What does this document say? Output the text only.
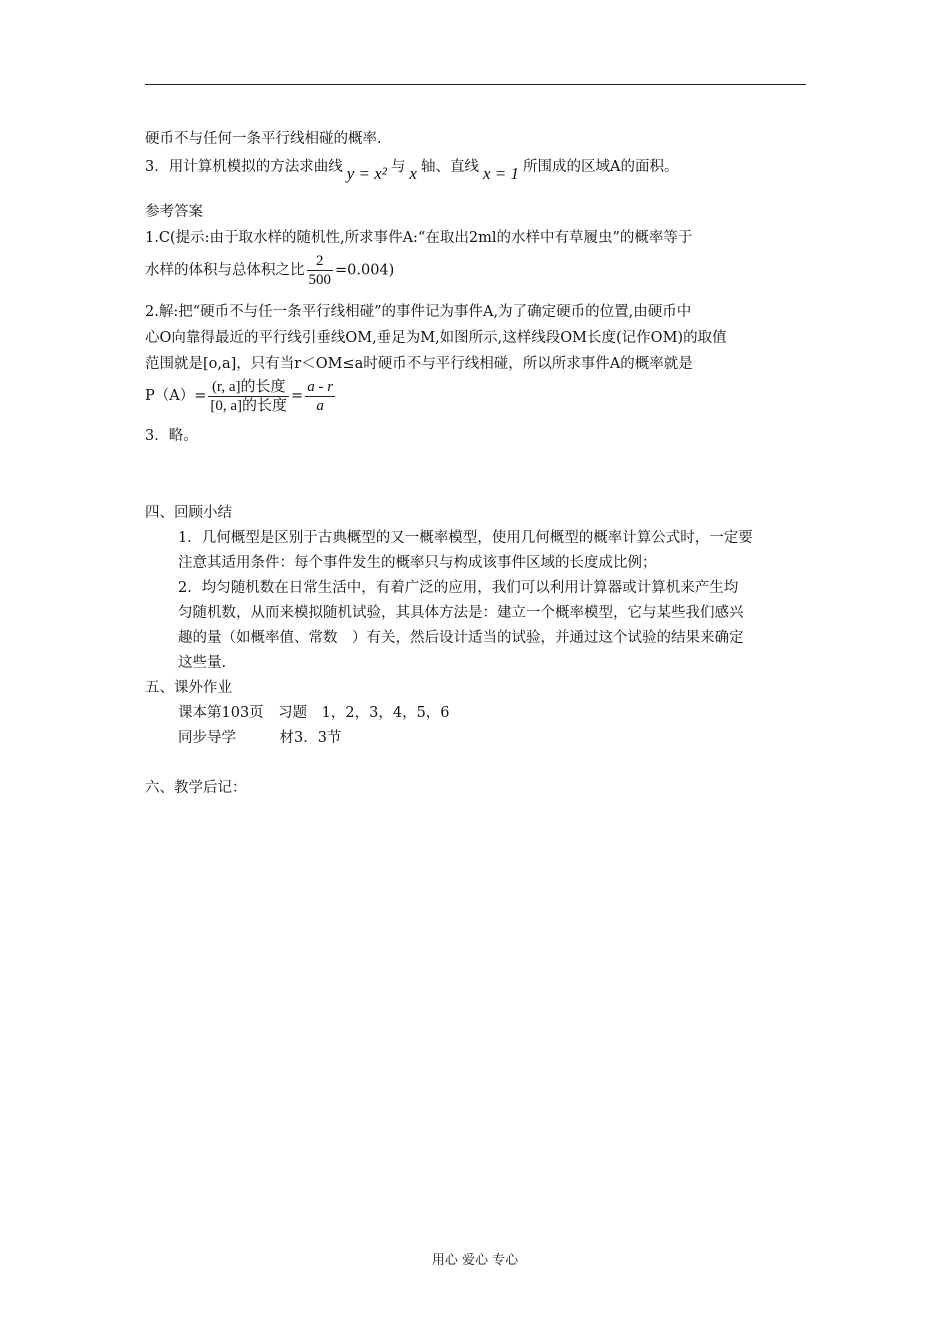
硬币不与任何一条平行线相碰的概率.
3．用计算机模拟的方法求曲线 y = x² 与 x 轴、直线 x = 1 所围成的区域A的面积。
参考答案
1.C(提示:由于取水样的随机性,所求事件A:“在取出2ml的水样中有草履虫”的概率等于
水样的体积与总体积之比 $\frac{2}{500} =0.004$)
2.解:把“硬币不与任一条平行线相碰”的事件记为事件A,为了确定硬币的位置,由硬币中
心O向靠得最近的平行线引垂线OM,垂足为M,如图所示,这样线段OM长度(记作OM)的取值
范围就是[o,a]，只有当r＜OM≤a时硬币不与平行线相碰，所以所求事件A的概率就是
$P(A)= \frac{\text{(r, a]的长度}}{\text{[0, a]的长度}} = \frac{a - r}{a}$
3．略。
四、回顾小结
1．几何概型是区别于古典概型的又一概率模型，使用几何概型的概率计算公式时，一定要
注意其适用条件：每个事件发生的概率只与构成该事件区域的长度成比例；
2．均匀随机数在日常生活中，有着广泛的应用，我们可以利用计算器或计算机来产生均
匀随机数，从而来模拟随机试验，其具体方法是：建立一个概率模型，它与某些我们感兴
趣的量（如概率值、常数　）有关，然后设计适当的试验，并通过这个试验的结果来确定
这些量.
五、课外作业
课本第103页　习题　1，2，3，4，5，6
同步导学　　　材3．3节
六、教学后记：
用心 爱心 专心
